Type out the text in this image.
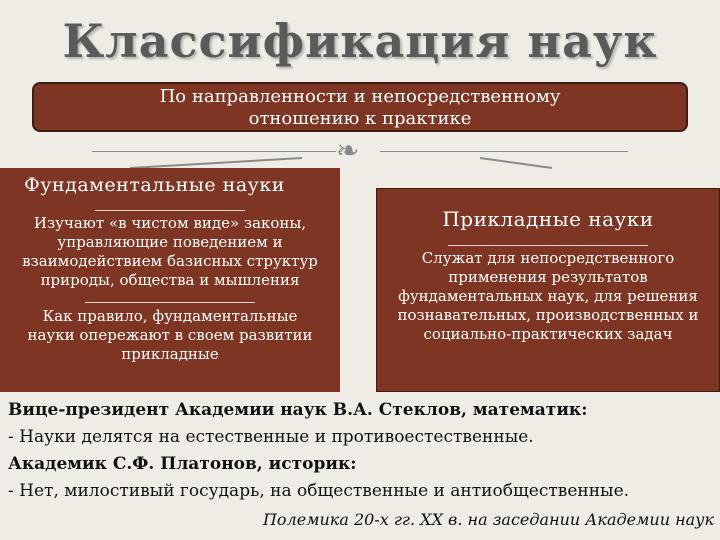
Классификация наук
По направленности и непосредственному
отношению к практике
❧
Фундаментальные науки
Изучают «в чистом виде» законы,
управляющие поведением и
взаимодействием базисных структур
природы, общества и мышления
Как правило, фундаментальные
науки опережают в своем развитии
прикладные
Прикладные науки
Служат для непосредственного
применения результатов
фундаментальных наук, для решения
познавательных, производственных и
социально-практических задач
Вице-президент Академии наук В.А. Стеклов, математик:
- Науки делятся на естественные и противоестественные.
Академик С.Ф. Платонов, историк:
- Нет, милостивый государь, на общественные и антиобщественные.
Полемика 20-х гг. XX в. на заседании Академии наук
